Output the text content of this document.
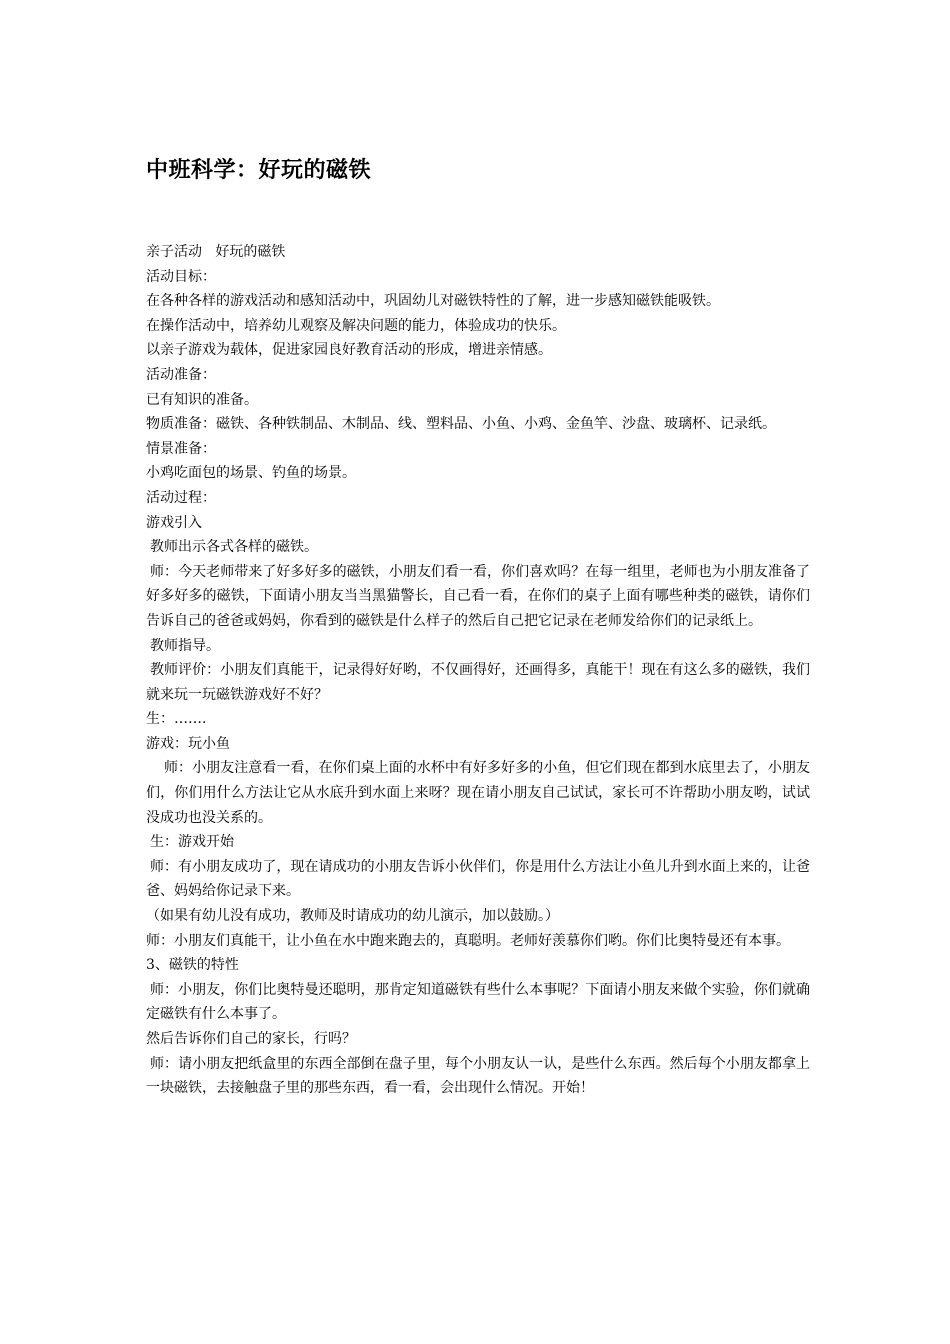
中班科学：好玩的磁铁

亲子活动   好玩的磁铁

活动目标：

在各种各样的游戏活动和感知活动中，巩固幼儿对磁铁特性的了解，进一步感知磁铁能吸铁。

在操作活动中，培养幼儿观察及解决问题的能力，体验成功的快乐。

以亲子游戏为载体，促进家园良好教育活动的形成，增进亲情感。

活动准备：

已有知识的准备。

物质准备：磁铁、各种铁制品、木制品、线、塑料品、小鱼、小鸡、金鱼竿、沙盘、玻璃杯、记录纸。

情景准备：

小鸡吃面包的场景、钓鱼的场景。

活动过程：

游戏引入

教师出示各式各样的磁铁。

师：今天老师带来了好多好多的磁铁，小朋友们看一看，你们喜欢吗？在每一组里，老师也为小朋友准备了好多好多的磁铁，下面请小朋友当当黑猫警长，自己看一看，在你们的桌子上面有哪些种类的磁铁，请你们告诉自己的爸爸或妈妈，你看到的磁铁是什么样子的然后自己把它记录在老师发给你们的记录纸上。

教师指导。

教师评价：小朋友们真能干，记录得好好哟，不仅画得好，还画得多，真能干！现在有这么多的磁铁，我们就来玩一玩磁铁游戏好不好？

生：…….

游戏：玩小鱼

师：小朋友注意看一看，在你们桌上面的水杯中有好多好多的小鱼，但它们现在都到水底里去了，小朋友们，你们用什么方法让它从水底升到水面上来呀？现在请小朋友自己试试，家长可不许帮助小朋友哟，试试没成功也没关系的。

生：游戏开始

师：有小朋友成功了，现在请成功的小朋友告诉小伙伴们，你是用什么方法让小鱼儿升到水面上来的，让爸爸、妈妈给你记录下来。

（如果有幼儿没有成功，教师及时请成功的幼儿演示，加以鼓励。）

师：小朋友们真能干，让小鱼在水中跑来跑去的，真聪明。老师好羡慕你们哟。你们比奥特曼还有本事。

3、磁铁的特性

师：小朋友，你们比奥特曼还聪明，那肯定知道磁铁有些什么本事呢？下面请小朋友来做个实验，你们就确定磁铁有什么本事了。

然后告诉你们自己的家长，行吗？

师：请小朋友把纸盒里的东西全部倒在盘子里，每个小朋友认一认，是些什么东西。然后每个小朋友都拿上一块磁铁，去接触盘子里的那些东西，看一看，会出现什么情况。开始！
